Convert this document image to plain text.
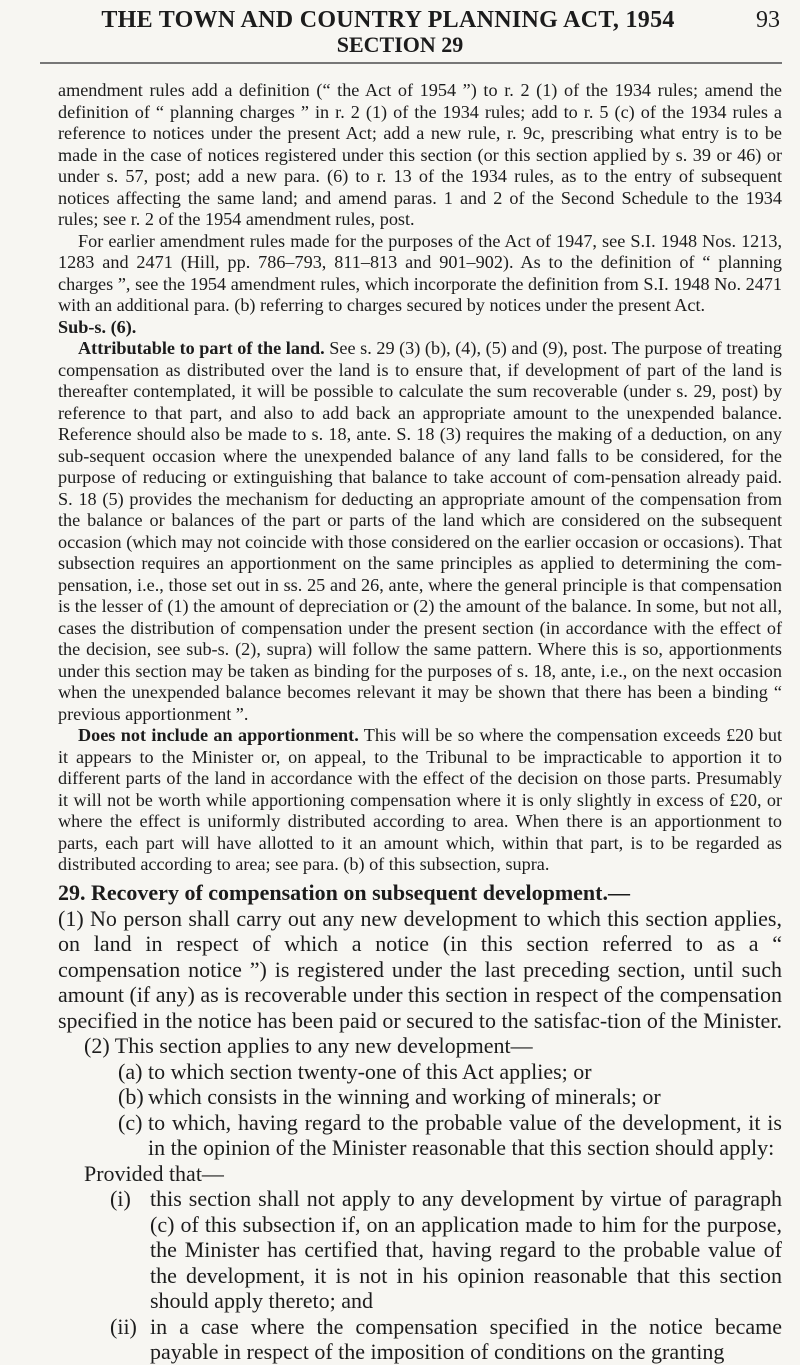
THE TOWN AND COUNTRY PLANNING ACT, 1954	93
SECTION 29

amendment rules add a definition (“ the Act of 1954 ”) to r. 2 (1) of the 1934 rules; amend the definition of “ planning charges ” in r. 2 (1) of the 1934 rules; add to r. 5 (c) of the 1934 rules a reference to notices under the present Act; add a new rule, r. 9c, prescribing what entry is to be made in the case of notices registered under this section (or this section applied by s. 39 or 46) or under s. 57, post; add a new para. (6) to r. 13 of the 1934 rules, as to the entry of subsequent notices affecting the same land; and amend paras. 1 and 2 of the Second Schedule to the 1934 rules; see r. 2 of the 1954 amendment rules, post.

For earlier amendment rules made for the purposes of the Act of 1947, see S.I. 1948 Nos. 1213, 1283 and 2471 (Hill, pp. 786–793, 811–813 and 901–902). As to the definition of “ planning charges ”, see the 1954 amendment rules, which incorporate the definition from S.I. 1948 No. 2471 with an additional para. (b) referring to charges secured by notices under the present Act.

Sub-s. (6).

Attributable to part of the land. See s. 29 (3) (b), (4), (5) and (9), post. The purpose of treating compensation as distributed over the land is to ensure that, if development of part of the land is thereafter contemplated, it will be possible to calculate the sum recoverable (under s. 29, post) by reference to that part, and also to add back an appropriate amount to the unexpended balance. Reference should also be made to s. 18, ante. S. 18 (3) requires the making of a deduction, on any sub-sequent occasion where the unexpended balance of any land falls to be considered, for the purpose of reducing or extinguishing that balance to take account of com-pensation already paid. S. 18 (5) provides the mechanism for deducting an appropriate amount of the compensation from the balance or balances of the part or parts of the land which are considered on the subsequent occasion (which may not coincide with those considered on the earlier occasion or occasions). That subsection requires an apportionment on the same principles as applied to determining the com-pensation, i.e., those set out in ss. 25 and 26, ante, where the general principle is that compensation is the lesser of (1) the amount of depreciation or (2) the amount of the balance. In some, but not all, cases the distribution of compensation under the present section (in accordance with the effect of the decision, see sub-s. (2), supra) will follow the same pattern. Where this is so, apportionments under this section may be taken as binding for the purposes of s. 18, ante, i.e., on the next occasion when the unexpended balance becomes relevant it may be shown that there has been a binding “ previous apportionment ”.

Does not include an apportionment. This will be so where the compensation exceeds £20 but it appears to the Minister or, on appeal, to the Tribunal to be impracticable to apportion it to different parts of the land in accordance with the effect of the decision on those parts. Presumably it will not be worth while apportioning compensation where it is only slightly in excess of £20, or where the effect is uniformly distributed according to area. When there is an apportionment to parts, each part will have allotted to it an amount which, within that part, is to be regarded as distributed according to area; see para. (b) of this subsection, supra.

29. Recovery of compensation on subsequent development.—

(1) No person shall carry out any new development to which this section applies, on land in respect of which a notice (in this section referred to as a “ compensation notice ”) is registered under the last preceding section, until such amount (if any) as is recoverable under this section in respect of the compensation specified in the notice has been paid or secured to the satisfac-tion of the Minister.

(2) This section applies to any new development—

(a) to which section twenty-one of this Act applies; or
(b) which consists in the winning and working of minerals; or
(c) to which, having regard to the probable value of the development, it is in the opinion of the Minister reasonable that this section should apply:

Provided that—

(i) this section shall not apply to any development by virtue of paragraph (c) of this subsection if, on an application made to him for the purpose, the Minister has certified that, having regard to the probable value of the development, it is not in his opinion reasonable that this section should apply thereto; and
(ii) in a case where the compensation specified in the notice became payable in respect of the imposition of conditions on the granting
